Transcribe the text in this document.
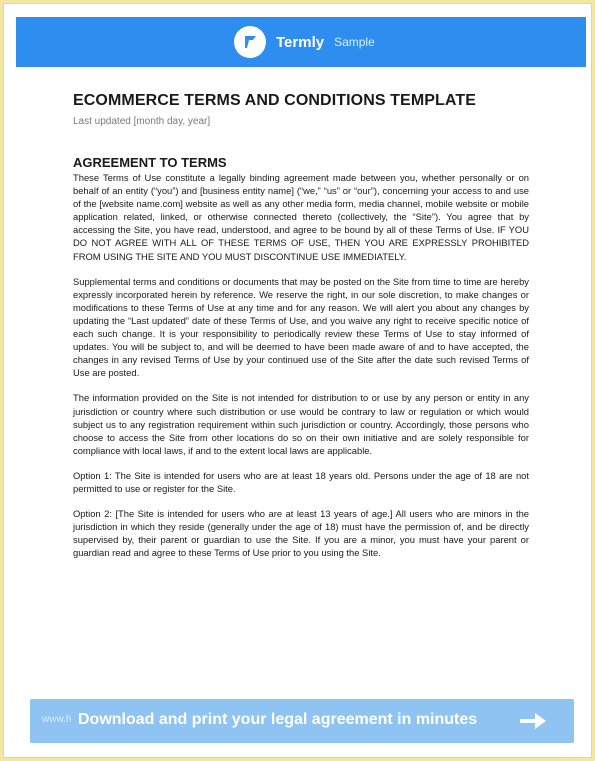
Termly Sample
ECOMMERCE TERMS AND CONDITIONS TEMPLATE
Last updated [month day, year]
AGREEMENT TO TERMS

These Terms of Use constitute a legally binding agreement made between you, whether personally or on behalf of an entity (“you”) and [business entity name] (“we,” “us” or “our”), concerning your access to and use of the [website name.com] website as well as any other media form, media channel, mobile website or mobile application related, linked, or otherwise connected thereto (collectively, the “Site”). You agree that by accessing the Site, you have read, understood, and agree to be bound by all of these Terms of Use. IF YOU DO NOT AGREE WITH ALL OF THESE TERMS OF USE, THEN YOU ARE EXPRESSLY PROHIBITED FROM USING THE SITE AND YOU MUST DISCONTINUE USE IMMEDIATELY.

Supplemental terms and conditions or documents that may be posted on the Site from time to time are hereby expressly incorporated herein by reference. We reserve the right, in our sole discretion, to make changes or modifications to these Terms of Use at any time and for any reason. We will alert you about any changes by updating the “Last updated” date of these Terms of Use, and you waive any right to receive specific notice of each such change. It is your responsibility to periodically review these Terms of Use to stay informed of updates. You will be subject to, and will be deemed to have been made aware of and to have accepted, the changes in any revised Terms of Use by your continued use of the Site after the date such revised Terms of Use are posted.

The information provided on the Site is not intended for distribution to or use by any person or entity in any jurisdiction or country where such distribution or use would be contrary to law or regulation or which would subject us to any registration requirement within such jurisdiction or country. Accordingly, those persons who choose to access the Site from other locations do so on their own initiative and are solely responsible for compliance with local laws, if and to the extent local laws are applicable.

Option 1: The Site is intended for users who are at least 18 years old. Persons under the age of 18 are not permitted to use or register for the Site.

Option 2: [The Site is intended for users who are at least 13 years of age.] All users who are minors in the jurisdiction in which they reside (generally under the age of 18) must have the permission of, and be directly supervised by, their parent or guardian to use the Site. If you are a minor, you must have your parent or guardian read and agree to these Terms of Use prior to you using the Site.

www.h Download and print your legal agreement in minutes
